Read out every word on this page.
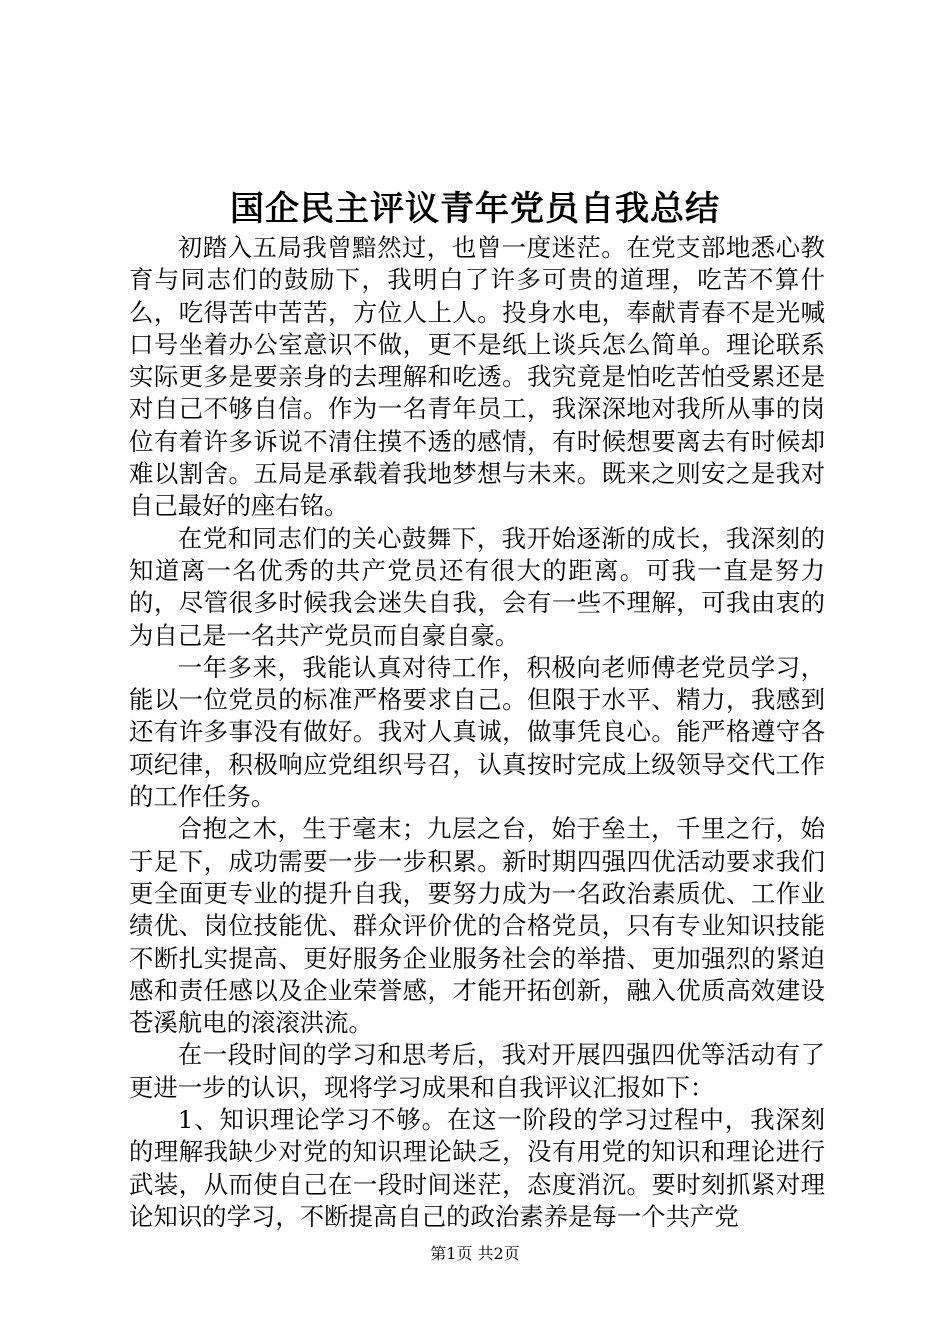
国企民主评议青年党员自我总结

初踏入五局我曾黯然过，也曾一度迷茫。在党支部地悉心教育与同志们的鼓励下，我明白了许多可贵的道理，吃苦不算什么，吃得苦中苦苦，方位人上人。投身水电，奉献青春不是光喊口号坐着办公室意识不做，更不是纸上谈兵怎么简单。理论联系实际更多是要亲身的去理解和吃透。我究竟是怕吃苦怕受累还是对自己不够自信。作为一名青年员工，我深深地对我所从事的岗位有着许多诉说不清住摸不透的感情，有时候想要离去有时候却难以割舍。五局是承载着我地梦想与未来。既来之则安之是我对自己最好的座右铭。

在党和同志们的关心鼓舞下，我开始逐渐的成长，我深刻的知道离一名优秀的共产党员还有很大的距离。可我一直是努力的，尽管很多时候我会迷失自我，会有一些不理解，可我由衷的为自己是一名共产党员而自豪自豪。

一年多来，我能认真对待工作，积极向老师傅老党员学习，能以一位党员的标准严格要求自己。但限于水平、精力，我感到还有许多事没有做好。我对人真诚，做事凭良心。能严格遵守各项纪律，积极响应党组织号召，认真按时完成上级领导交代工作的工作任务。

合抱之木，生于毫末；九层之台，始于垒土，千里之行，始于足下，成功需要一步一步积累。新时期四强四优活动要求我们更全面更专业的提升自我，要努力成为一名政治素质优、工作业绩优、岗位技能优、群众评价优的合格党员，只有专业知识技能不断扎实提高、更好服务企业服务社会的举措、更加强烈的紧迫感和责任感以及企业荣誉感，才能开拓创新，融入优质高效建设苍溪航电的滚滚洪流。

在一段时间的学习和思考后，我对开展四强四优等活动有了更进一步的认识，现将学习成果和自我评议汇报如下：

1、知识理论学习不够。在这一阶段的学习过程中，我深刻的理解我缺少对党的知识理论缺乏，没有用党的知识和理论进行武装，从而使自己在一段时间迷茫，态度消沉。要时刻抓紧对理论知识的学习，不断提高自己的政治素养是每一个共产党

第1页 共2页
